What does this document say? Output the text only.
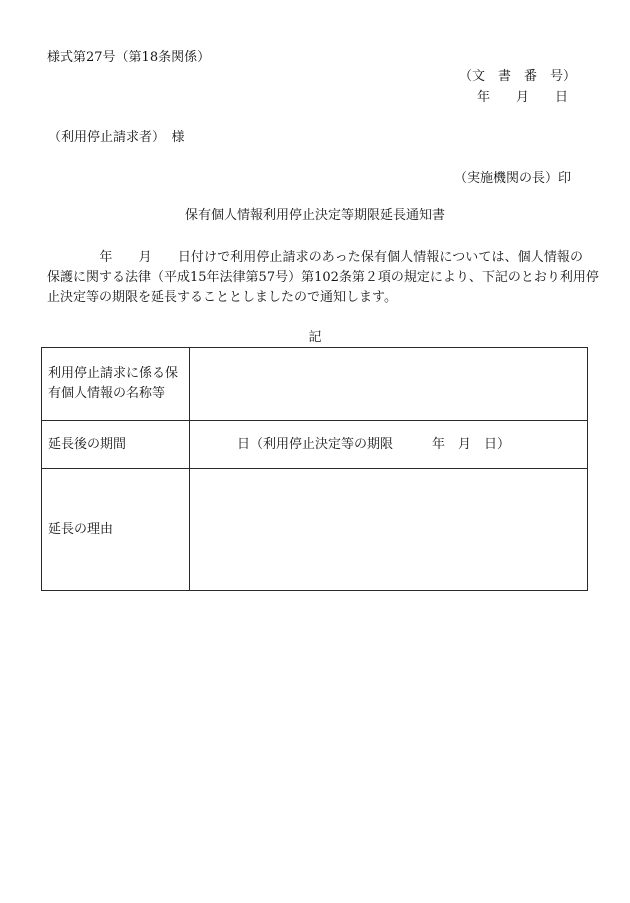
様式第27号（第18条関係）
（文　書　番　号）
年　　月　　日
（利用停止請求者）　様
（実施機関の長）印
保有個人情報利用停止決定等期限延長通知書
　　　　年　　月　　日付けで利用停止請求のあった保有個人情報については、個人情報の
保護に関する法律（平成15年法律第57号）第102条第２項の規定により、下記のとおり利用停
止決定等の期限を延長することとしましたので通知します。
記
利用停止請求に係る保有個人情報の名称等
延長後の期間	日（利用停止決定等の期限　　　年　月　日）
延長の理由
